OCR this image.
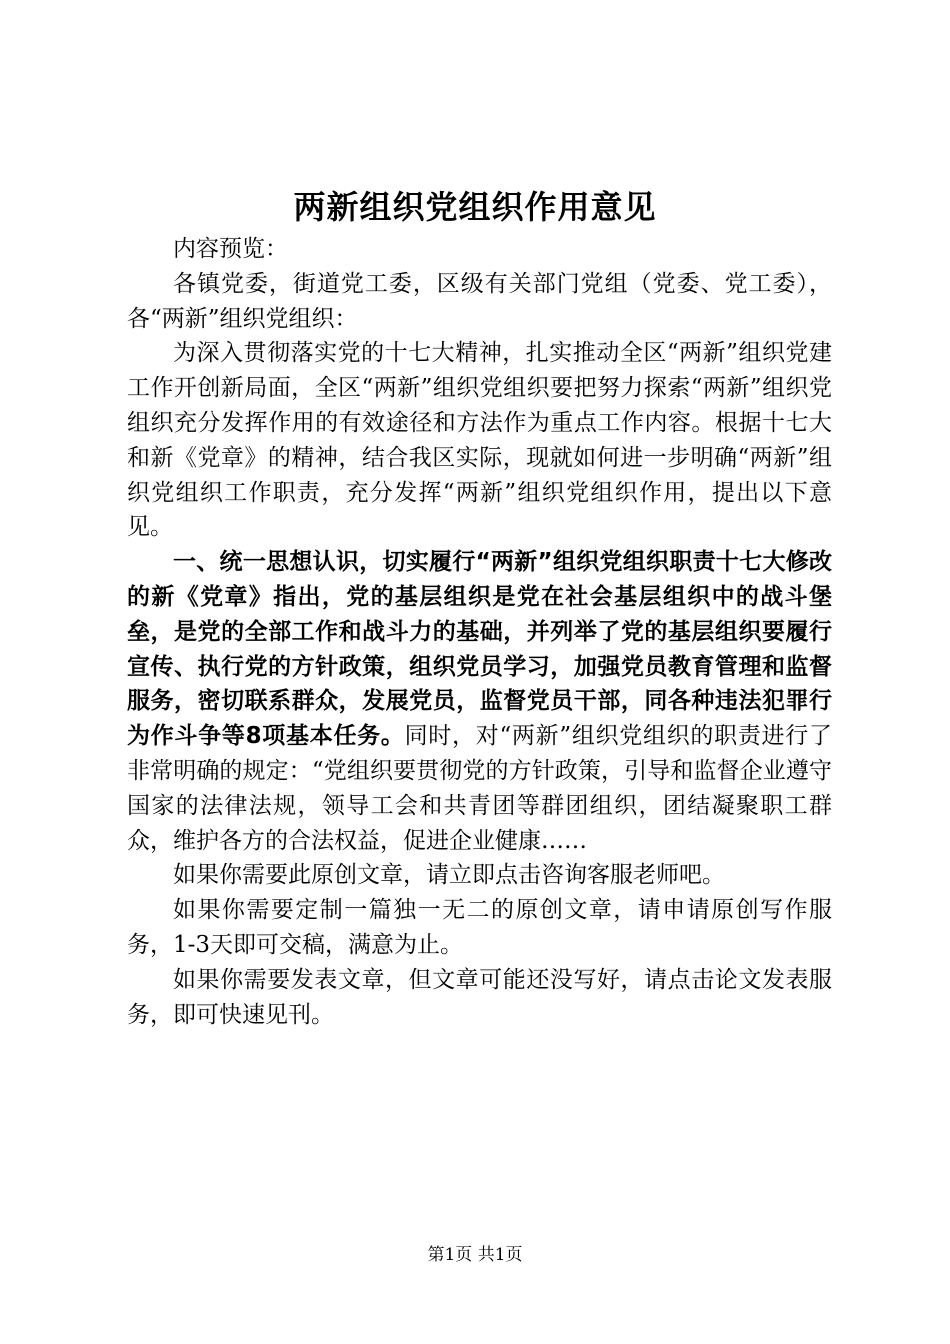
两新组织党组织作用意见

内容预览：

各镇党委，街道党工委，区级有关部门党组（党委、党工委），各“两新”组织党组织：

为深入贯彻落实党的十七大精神，扎实推动全区“两新”组织党建工作开创新局面，全区“两新”组织党组织要把努力探索“两新”组织党组织充分发挥作用的有效途径和方法作为重点工作内容。根据十七大和新《党章》的精神，结合我区实际，现就如何进一步明确“两新”组织党组织工作职责，充分发挥“两新”组织党组织作用，提出以下意见。

一、统一思想认识，切实履行“两新”组织党组织职责十七大修改的新《党章》指出，党的基层组织是党在社会基层组织中的战斗堡垒，是党的全部工作和战斗力的基础，并列举了党的基层组织要履行宣传、执行党的方针政策，组织党员学习，加强党员教育管理和监督服务，密切联系群众，发展党员，监督党员干部，同各种违法犯罪行为作斗争等8项基本任务。同时，对“两新”组织党组织的职责进行了非常明确的规定：“党组织要贯彻党的方针政策，引导和监督企业遵守国家的法律法规，领导工会和共青团等群团组织，团结凝聚职工群众，维护各方的合法权益，促进企业健康……

如果你需要此原创文章，请立即点击咨询客服老师吧。

如果你需要定制一篇独一无二的原创文章，请申请原创写作服务，1-3天即可交稿，满意为止。

如果你需要发表文章，但文章可能还没写好，请点击论文发表服务，即可快速见刊。

第1页 共1页
